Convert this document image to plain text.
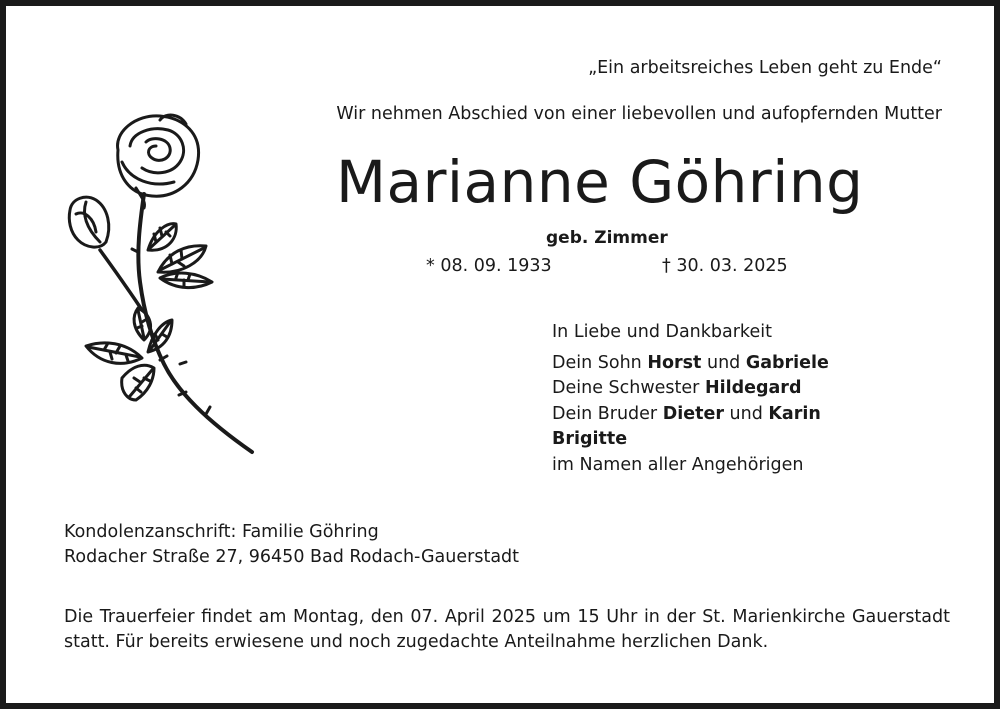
„Ein arbeitsreiches Leben geht zu Ende“
Wir nehmen Abschied von einer liebevollen und aufopfernden Mutter
Marianne Göhring
geb. Zimmer
* 08. 09. 1933	† 30. 03. 2025
In Liebe und Dankbarkeit
Dein Sohn Horst und Gabriele
Deine Schwester Hildegard
Dein Bruder Dieter und Karin
Brigitte
im Namen aller Angehörigen
Kondolenzanschrift: Familie Göhring
Rodacher Straße 27, 96450 Bad Rodach-Gauerstadt
Die Trauerfeier findet am Montag, den 07. April 2025 um 15 Uhr in der St. Marienkirche Gauerstadt statt. Für bereits erwiesene und noch zugedachte Anteilnahme herzlichen Dank.
